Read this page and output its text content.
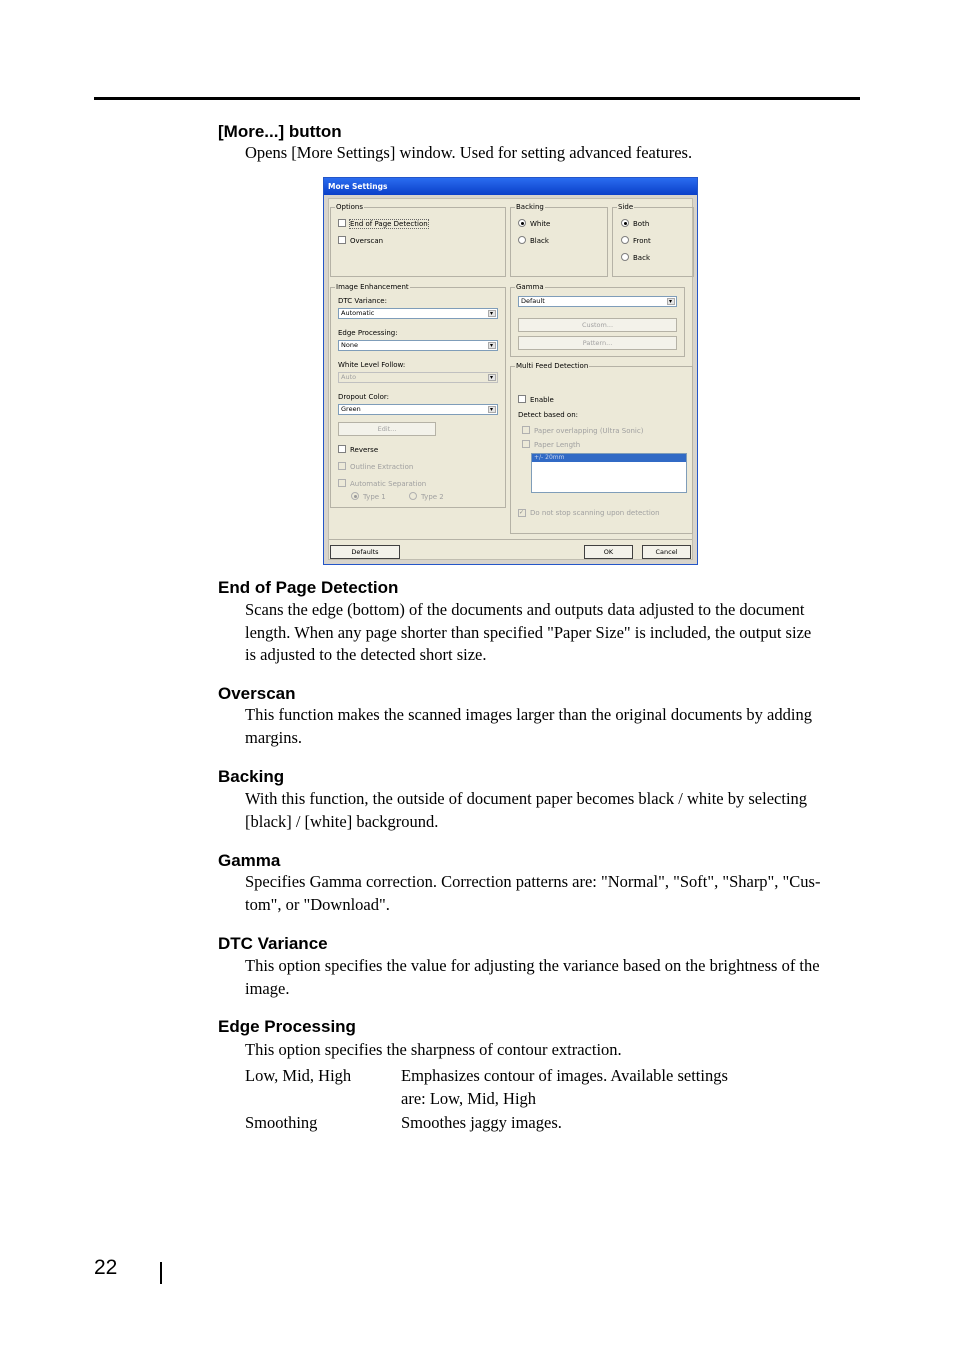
[More...] button
Opens [More Settings] window. Used for setting advanced features.
More Settings
Options
End of Page Detection
Overscan
Backing
White
Black
Side
Both
Front
Back
Image Enhancement
DTC Variance:
Automatic
▾
Edge Processing:
None
▾
White Level Follow:
Auto
▾
Dropout Color:
Green
▾
Edit...
Reverse
Outline Extraction
Automatic Separation
Type 1	Type 2
Gamma
Default
▾
Custom...
Pattern...
Multi Feed Detection
Enable
Detect based on:
Paper overlapping (Ultra Sonic)
Paper Length
+/- 20mm
✓Do not stop scanning upon detection
Defaults	OK	Cancel
End of Page Detection
Scans the edge (bottom) of the documents and outputs data adjusted to the document
length. When any page shorter than specified "Paper Size" is included, the output size
is adjusted to the detected short size.
Overscan
This function makes the scanned images larger than the original documents by adding
margins.
Backing
With this function, the outside of document paper becomes black / white by selecting
[black] / [white] background.
Gamma
Specifies Gamma correction. Correction patterns are: "Normal", "Soft", "Sharp", "Cus-
tom", or "Download".
DTC Variance
This option specifies the value for adjusting the variance based on the brightness of the
image.
Edge Processing
This option specifies the sharpness of contour extraction.
Low, Mid, High	Emphasizes contour of images. Available settings
are: Low, Mid, High
Smoothing	Smoothes jaggy images.
22
